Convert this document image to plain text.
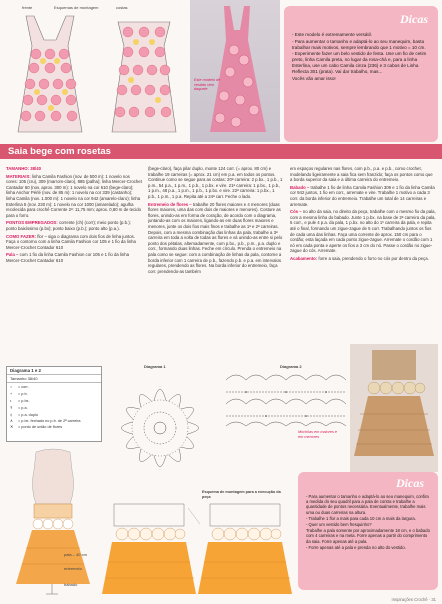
frente	Esquemas de montagem	costas
Este modelo de vestido veio daquele
Dicas

- Este modelo é extremamente versátil.

- Para aumentar o tamanho e adaptá-lo ao seu manequim, basta trabalhar mais motivos, sempre lembrando que 1 motivo = 10 cm.

- Experimente fazer um belo vestido de festa. Use um fio de cetim preto, linha Camila preta, no lugar da rosa-chá e, para a linha Esterlina, use um cabo Camila cinza (236) e 3 cabos de Linha Reflecta 301 (prata). Vai dar trabalho, mas...

Vocês vão amar isso!

Saia bege com rosetas

TAMANHO: 38/40

MATERIAIS: linha Camila Fashion (nov. de 500 m): 1 novelo nos cores: 105 (cru), 309 (marrom-claro), 885 (palha); linha Mercer-Crochet Cantador 60 (nov. aprox. 300 m): 1 novelo na cor 610 (bege-claro); linha Anchor Pérlé (nov. de 85 m): 1 novelo na cor 339 (castanho); linha Camila (nov. 1.000 m): 1 novelo na cor 942 (amarelo-claro); linha Esterlina 5 (nov. 230 m): 1 novelo na cor 1000 (amarelado); agulha recolecida para crochê Corrente 2ª: 11,75 mm; aprox. 0,80 m de tecido para o forro.

PONTOS EMPREGADOS: corrente (ch) (corr); meio ponto (p.b.); ponto baixíssimo (p.bx); ponto baixo (p.b.); ponto alto (p.a.).

COMO FAZER: flor – siga o diagrama com dois fios de linha juntos. Faça o contorno com a linha Camila Fashion cor 105 e 1 fio da linha Mercer-Crochet Contador 610

Pala – com 1 fio da linha Camila Fashion cor 105 e 1 fio da linha Mercer-Crochet Cantador 610

(bege-claro), faça pilar duplo, monte 124 corr. (= aprox. 80 cm) e trabalhe 19 carreiras (= aprox. 21 cm) em p.a. em todos os pontos. Continue como se segue para as costas: 20ª carreira: 2 p.bx., 1 p.b., 1 p.m., 54 p.a., 1 p.m., 1 p.b., 1 p.bx. e vire. 21ª carreira: 1 p.bx., 1 p.b., 1 p.m., 48 p.a., 1 p.m., 1 p.b., 1 p.bx. e vire. 22ª carreira: 1 p.bx., 1 p.b., 1 p.m., 1 p.a. Repita até a 24ª carr. Feche o lado.

Entremeio de flores – trabalhe 20 flores maiores e 4 menores (duas flores maiores, uma das com dois de maiores e menores). Costure as flores, unindo-as em forma de coração, de acordo com o diagrama, juntando-as com os maiores, ligando-as em duas flores maiores e menores, junte os dois fios mais finos e trabalhe as 1ª e 2ª carreiras. Depois, com a mesma combinação das linhas da pala, trabalhe a 3ª carreira em toda a volta de todas as flores e vá unindo-as entre si pelo ponto dos pétalas, alternadamente, com p.bx., p.b., p.m., p.a. duplo e corr., formando duas linhas. Feche em círculo. Prenda o entremeio na pala como se segue: com a combinação de linhas da pala, contorne a borda inferior com 1 carreira de p.b., fazendo p.b. e p.a. em intervalos regulares, prendendo as flores. Na borda inferior do entremeio, faça corr. prendendo-as também

em espaços regulares nas flores, com p.b., p.a. e p.b., como crochet, modelando ligeiramente a saia fica sem franzido; faça os pontos como que a borda superior da saia e a última carreira do entremeio.

Babado – trabalhe 1 fio de linha Camila Fashion 309 e 1 fio da linha Camila cor 942 juntos, 1 fio em corr., arremate e vire. Trabalhe 1 motivo a cada 3 corr. da borda inferior do entremeio. Trabalhe um total de 14 carreiras e arremate.

Cós – no alto da saia, no direito da peça, trabalhe com o mesmo fio da pala, com a mesma linha do babado. Junte 1 p.bx. na base de 2ª carreira da pala, 5 corr., e pule 4 p.a. da pala, 1 p.bx. no alto do 1º carreira da pala, e repita até o final, formando um zigue-zague de 5 corr. Trabalhando juntos os fios de cada uma das linhas. Faça uma corrente de aprox. 150 cm para o cordão; esta laçada em cada ponto zigue-zague. Arremate o cordão com 1 nó em cada ponta e aperte os fios a 3 cm do nó. Passe o cordão no zigue-zague do cós. Arremate.

Acabamento: forre a saia, prendendo o forro no cós por dentro da peça.

Diagrama 1 e 2
Tamanho 38/40
○ = corr.
+ = p.b.
• = p.bx.
Ŧ = p.a.
‡ = p.a. duplo
∧ = p.bx. fechado no p.b. de 2ª carreira
✕ = ponto de união de flores
Diagrama 1	Diagrama 2
Mochilas em maiores e em menores
Esquema de montagem para a execução da peça
pala – 40 cm
entremeio
babado
Dicas

- Para aumentar o tamanho e adaptá-lo ao seu manequim, confira a medida do seu quadril para a pala de contra e trabalhe a quantidade de pontos necessária. Eventualmente, trabalhe mais uma ou duas carreiras na altura.

- Trabalhe 1 flor a mais para cada 10 cm a mais da largura.

- Quer um vestido bem fresquinho?

Trabalhe a pala somente por aproximadamente 18 cm, e o babado com 4 carreiras e na meta. Forre apenas a partir do comprimento da saia. Forre apenas até a pala.

- Forre apenas até a pala e prenda no alto do vestido.

Inspirações Crochê · 31
